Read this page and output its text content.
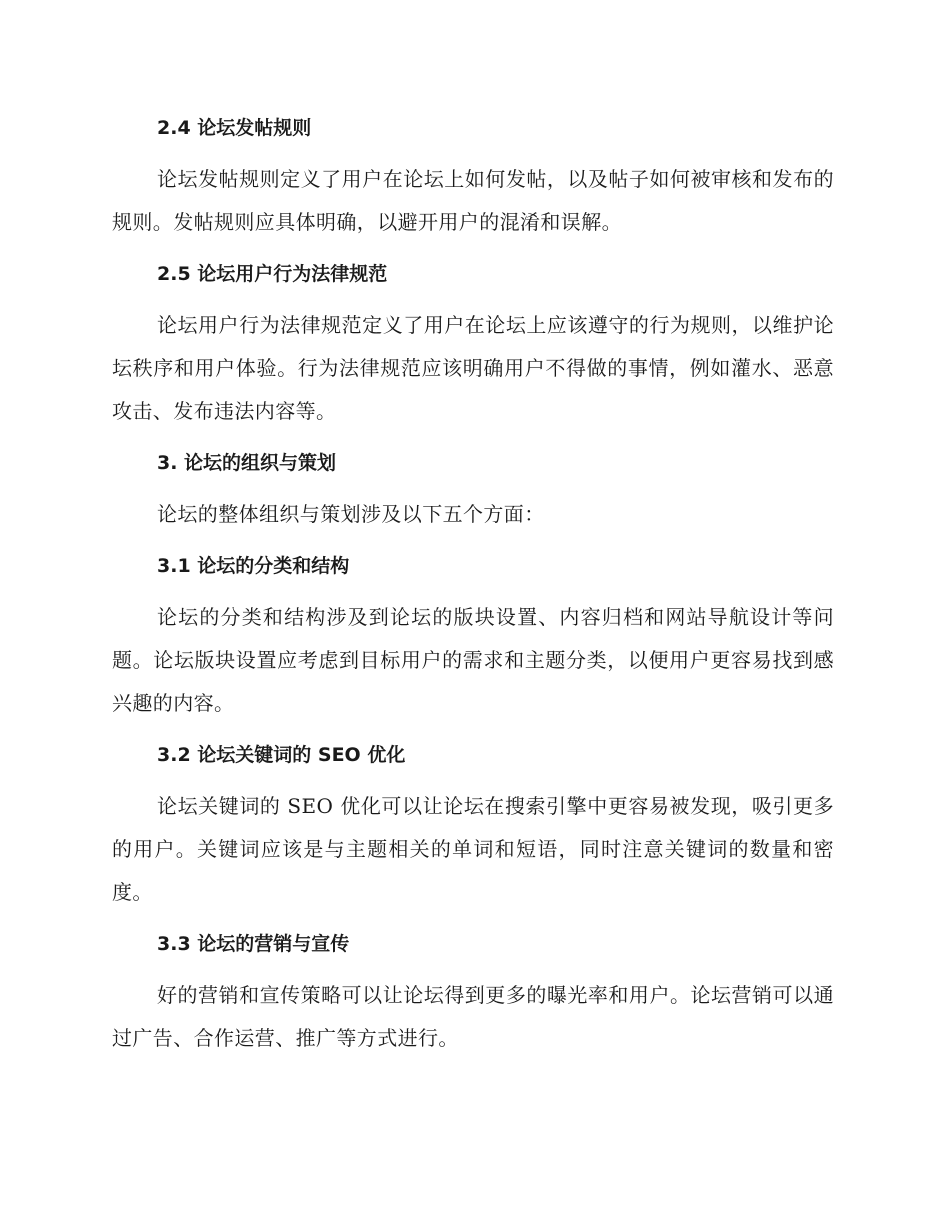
2.4 论坛发帖规则

论坛发帖规则定义了用户在论坛上如何发帖，以及帖子如何被审核和发布的规则。发帖规则应具体明确，以避开用户的混淆和误解。

2.5 论坛用户行为法律规范

论坛用户行为法律规范定义了用户在论坛上应该遵守的行为规则，以维护论坛秩序和用户体验。行为法律规范应该明确用户不得做的事情，例如灌水、恶意攻击、发布违法内容等。

3. 论坛的组织与策划

论坛的整体组织与策划涉及以下五个方面：

3.1 论坛的分类和结构

论坛的分类和结构涉及到论坛的版块设置、内容归档和网站导航设计等问题。论坛版块设置应考虑到目标用户的需求和主题分类，以便用户更容易找到感兴趣的内容。

3.2 论坛关键词的 SEO 优化

论坛关键词的 SEO 优化可以让论坛在搜索引擎中更容易被发现，吸引更多的用户。关键词应该是与主题相关的单词和短语，同时注意关键词的数量和密度。

3.3 论坛的营销与宣传

好的营销和宣传策略可以让论坛得到更多的曝光率和用户。论坛营销可以通过广告、合作运营、推广等方式进行。
